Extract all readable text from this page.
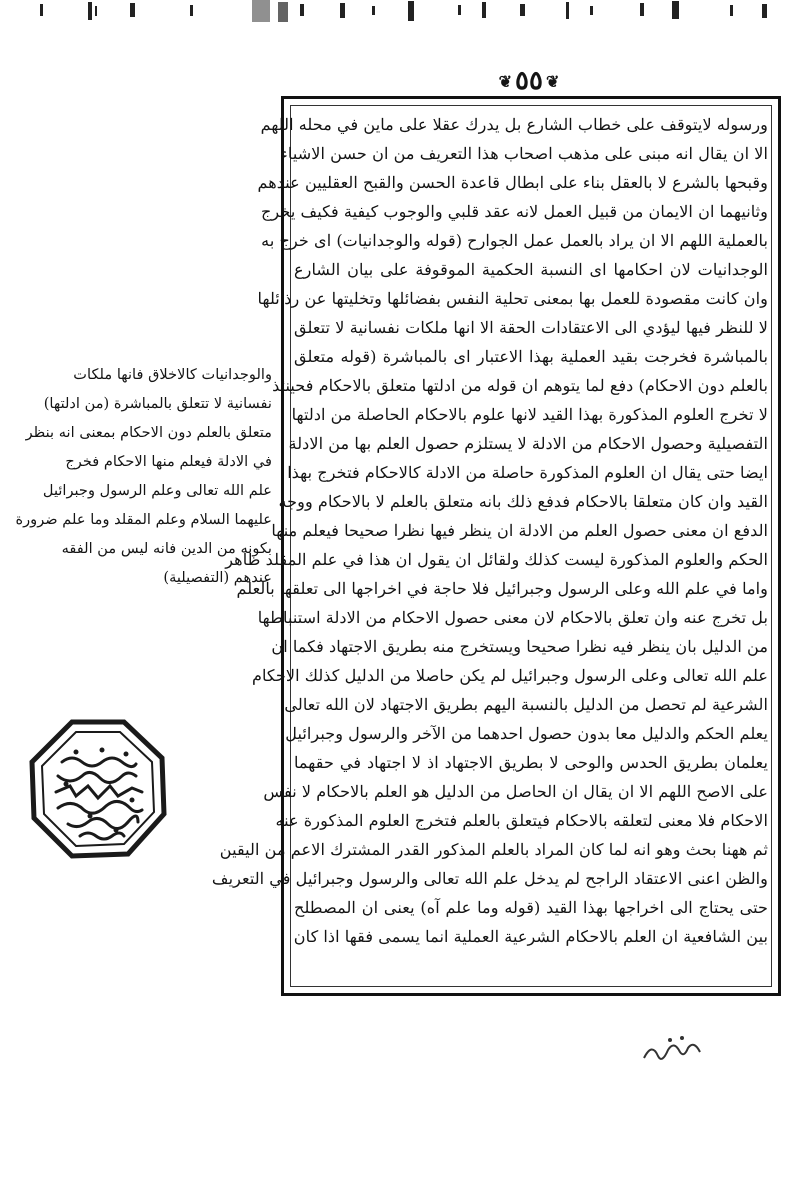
❦ ٥٥ ❦
ورسوله لايتوقف على خطاب الشارع بل يدرك عقلا على ماين في محله اللهم
الا ان يقال انه مبنى على مذهب اصحاب هذا التعريف من ان حسن الاشياء
وقبحها بالشرع لا بالعقل بناء على ابطال قاعدة الحسن والقبح العقليين عندهم
وثانيهما ان الايمان من قبيل العمل لانه عقد قلبي والوجوب كيفية فكيف يخرج
بالعملية اللهم الا ان يراد بالعمل عمل الجوارح (قوله والوجدانيات) اى خرج به
الوجدانيات لان احكامها اى النسبة الحكمية الموقوفة على بيان الشارع
وان كانت مقصودة للعمل بها بمعنى تحلية النفس بفضائلها وتخليتها عن رذائلها
لا للنظر فيها ليؤدي الى الاعتقادات الحقة الا انها ملكات نفسانية لا تتعلق
بالمباشرة فخرجت بقيد العملية بهذا الاعتبار اى بالمباشرة (قوله متعلق
بالعلم دون الاحكام) دفع لما يتوهم ان قوله من ادلتها متعلق بالاحكام فحينئذ
لا تخرج العلوم المذكورة بهذا القيد لانها علوم بالاحكام الحاصلة من ادلتها
التفصيلية وحصول الاحكام من الادلة لا يستلزم حصول العلم بها من الادلة
ايضا حتى يقال ان العلوم المذكورة حاصلة من الادلة كالاحكام فتخرج بهذا
القيد وان كان متعلقا بالاحكام فدفع ذلك بانه متعلق بالعلم لا بالاحكام ووجه
الدفع ان معنى حصول العلم من الادلة ان ينظر فيها نظرا صحيحا فيعلم منها
الحكم والعلوم المذكورة ليست كذلك ولقائل ان يقول ان هذا في علم المقلد ظاهر
واما في علم الله وعلى الرسول وجبرائيل فلا حاجة في اخراجها الى تعلقها بالعلم
بل تخرج عنه وان تعلق بالاحكام لان معنى حصول الاحكام من الادلة استنباطها
من الدليل بان ينظر فيه نظرا صحيحا ويستخرج منه بطريق الاجتهاد فكما ان
علم الله تعالى وعلى الرسول وجبرائيل لم يكن حاصلا من الدليل كذلك الاحكام
الشرعية لم تحصل من الدليل بالنسبة اليهم بطريق الاجتهاد لان الله تعالى
يعلم الحكم والدليل معا بدون حصول احدهما من الآخر والرسول وجبرائيل
يعلمان بطريق الحدس والوحى لا بطريق الاجتهاد اذ لا اجتهاد في حقهما
على الاصح اللهم الا ان يقال ان الحاصل من الدليل هو العلم بالاحكام لا نفس
الاحكام فلا معنى لتعلقه بالاحكام فيتعلق بالعلم فتخرج العلوم المذكورة عنه
ثم ههنا بحث وهو انه لما كان المراد بالعلم المذكور القدر المشترك الاعم من اليقين
والظن اعنى الاعتقاد الراجح لم يدخل علم الله تعالى والرسول وجبرائيل في التعريف
حتى يحتاج الى اخراجها بهذا القيد (قوله وما علم آه) يعنى ان المصطلح
بين الشافعية ان العلم بالاحكام الشرعية العملية انما يسمى فقها اذا كان
والوجدانيات كالاخلاق فانها ملكات
نفسانية لا تتعلق بالمباشرة (من ادلتها)
متعلق بالعلم دون الاحكام بمعنى انه بنظر
في الادلة فيعلم منها الاحكام فخرج
علم الله تعالى وعلم الرسول وجبرائيل
عليهما السلام وعلم المقلد وما علم ضرورة
بكونه من الدين فانه ليس من الفقه
عندهم (التفصيلية)
